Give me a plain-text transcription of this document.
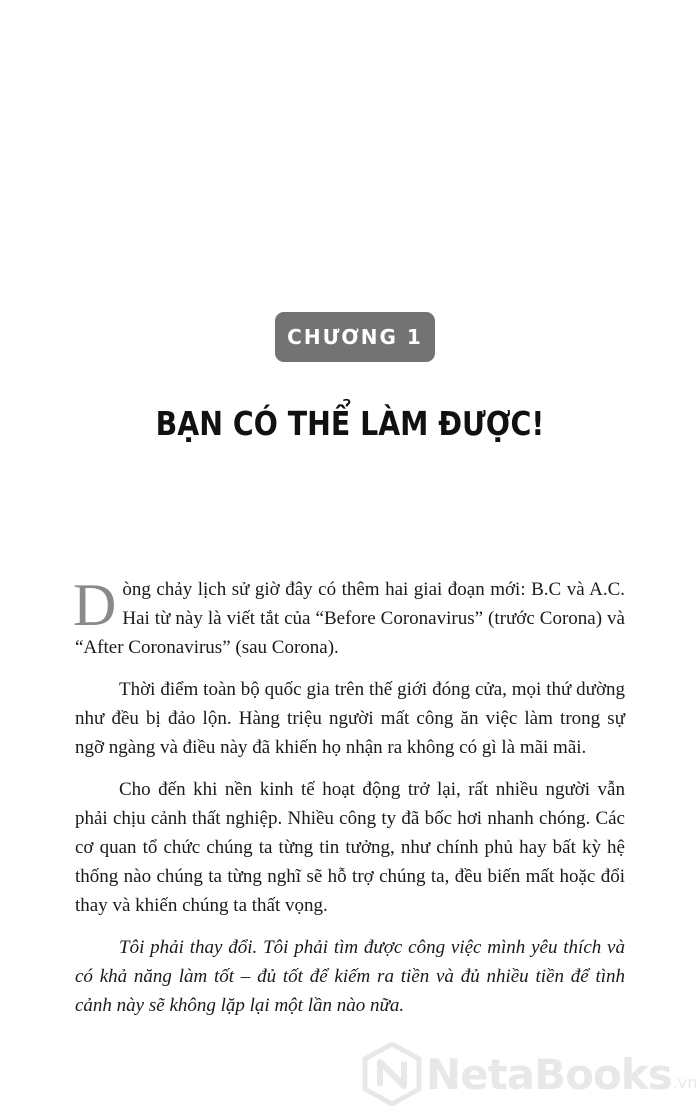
CHƯƠNG 1
BẠN CÓ THỂ LÀM ĐƯỢC!

Dòng chảy lịch sử giờ đây có thêm hai giai đoạn mới: B.C và A.C. Hai từ này là viết tắt của “Before Coronavirus” (trước Corona) và “After Coronavirus” (sau Corona).

Thời điểm toàn bộ quốc gia trên thế giới đóng cửa, mọi thứ dường như đều bị đảo lộn. Hàng triệu người mất công ăn việc làm trong sự ngỡ ngàng và điều này đã khiến họ nhận ra không có gì là mãi mãi.

Cho đến khi nền kinh tế hoạt động trở lại, rất nhiều người vẫn phải chịu cảnh thất nghiệp. Nhiều công ty đã bốc hơi nhanh chóng. Các cơ quan tổ chức chúng ta từng tin tưởng, như chính phủ hay bất kỳ hệ thống nào chúng ta từng nghĩ sẽ hỗ trợ chúng ta, đều biến mất hoặc đổi thay và khiến chúng ta thất vọng.

Tôi phải thay đổi. Tôi phải tìm được công việc mình yêu thích và có khả năng làm tốt – đủ tốt để kiếm ra tiền và đủ nhiều tiền để tình cảnh này sẽ không lặp lại một lần nào nữa.

NetaBooks .vn
